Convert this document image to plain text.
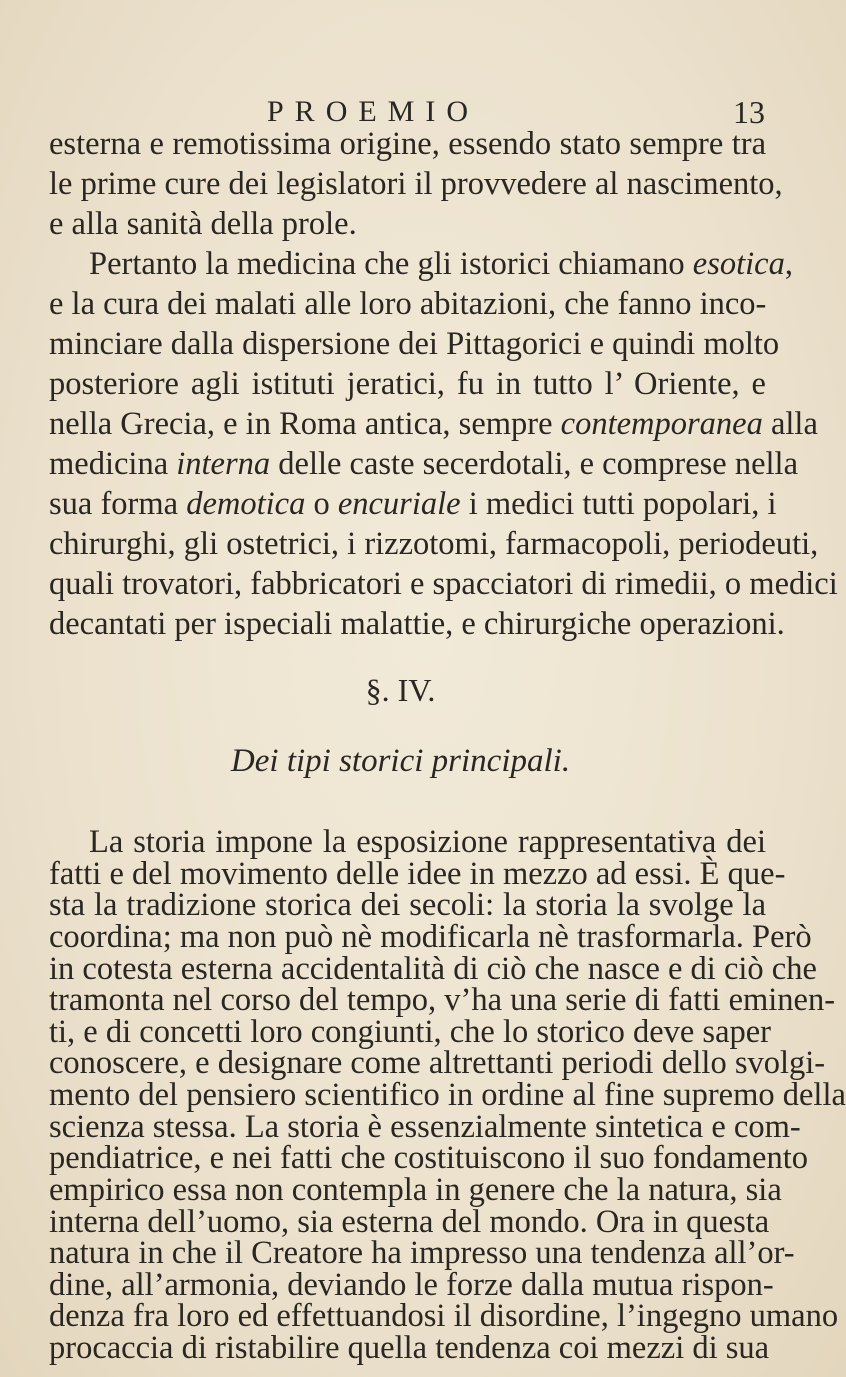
PROEMIO	13
esterna e remotissima origine, essendo stato sempre tra
le prime cure dei legislatori il provvedere al nascimento,
e alla sanità della prole.
Pertanto la medicina che gli istorici chiamano esotica,
e la cura dei malati alle loro abitazioni, che fanno inco-
minciare dalla dispersione dei Pittagorici e quindi molto
posteriore agli istituti jeratici, fu in tutto l’ Oriente, e
nella Grecia, e in Roma antica, sempre contemporanea alla
medicina interna delle caste secerdotali, e comprese nella
sua forma demotica o encuriale i medici tutti popolari, i
chirurghi, gli ostetrici, i rizzotomi, farmacopoli, periodeuti,
quali trovatori, fabbricatori e spacciatori di rimedii, o medici
decantati per ispeciali malattie, e chirurgiche operazioni.
§. IV.
Dei tipi storici principali.
La storia impone la esposizione rappresentativa dei
fatti e del movimento delle idee in mezzo ad essi. È que-
sta la tradizione storica dei secoli: la storia la svolge la
coordina; ma non può nè modificarla nè trasformarla. Però
in cotesta esterna accidentalità di ciò che nasce e di ciò che
tramonta nel corso del tempo, v’ha una serie di fatti eminen-
ti, e di concetti loro congiunti, che lo storico deve saper
conoscere, e designare come altrettanti periodi dello svolgi-
mento del pensiero scientifico in ordine al fine supremo della
scienza stessa. La storia è essenzialmente sintetica e com-
pendiatrice, e nei fatti che costituiscono il suo fondamento
empirico essa non contempla in genere che la natura, sia
interna dell’uomo, sia esterna del mondo. Ora in questa
natura in che il Creatore ha impresso una tendenza all’or-
dine, all’armonia, deviando le forze dalla mutua rispon-
denza fra loro ed effettuandosi il disordine, l’ingegno umano
procaccia di ristabilire quella tendenza coi mezzi di sua
